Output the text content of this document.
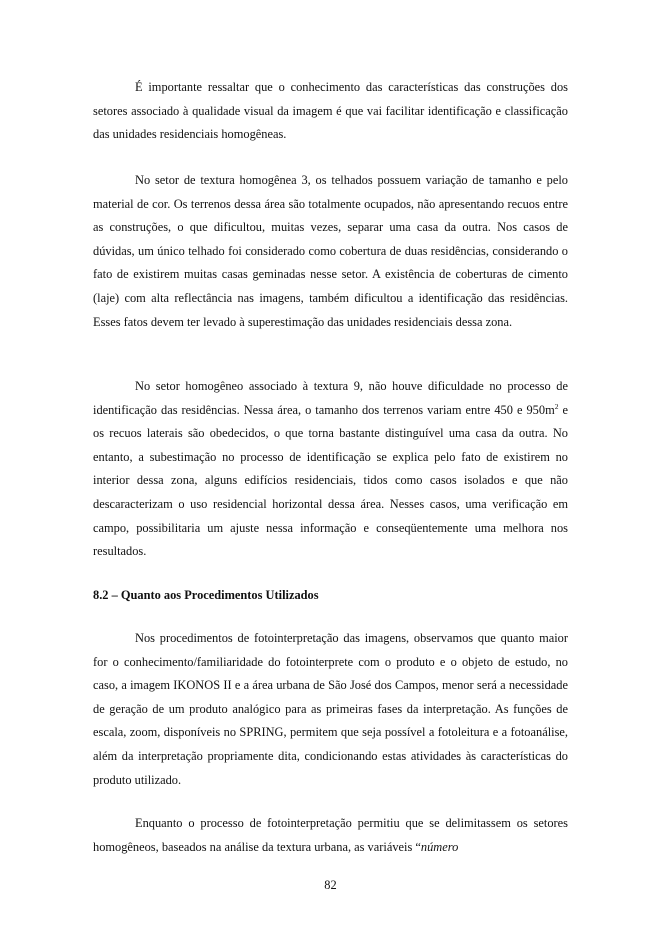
É importante ressaltar que o conhecimento das características das construções dos setores associado à qualidade visual da imagem é que vai facilitar identificação e classificação das unidades residenciais homogêneas.

No setor de textura homogênea 3, os telhados possuem variação de tamanho e pelo material de cor. Os terrenos dessa área são totalmente ocupados, não apresentando recuos entre as construções, o que dificultou, muitas vezes, separar uma casa da outra. Nos casos de dúvidas, um único telhado foi considerado como cobertura de duas residências, considerando o fato de existirem muitas casas geminadas nesse setor. A existência de coberturas de cimento (laje) com alta reflectância nas imagens, também dificultou a identificação das residências. Esses fatos devem ter levado à superestimação das unidades residenciais dessa zona.

No setor homogêneo associado à textura 9, não houve dificuldade no processo de identificação das residências. Nessa área, o tamanho dos terrenos variam entre 450 e $950m^2$ e os recuos laterais são obedecidos, o que torna bastante distinguível uma casa da outra. No entanto, a subestimação no processo de identificação se explica pelo fato de existirem no interior dessa zona, alguns edifícios residenciais, tidos como casos isolados e que não descaracterizam o uso residencial horizontal dessa área. Nesses casos, uma verificação em campo, possibilitaria um ajuste nessa informação e conseqüentemente uma melhora nos resultados.

8.2 – Quanto aos Procedimentos Utilizados

Nos procedimentos de fotointerpretação das imagens, observamos que quanto maior for o conhecimento/familiaridade do fotointerprete com o produto e o objeto de estudo, no caso, a imagem IKONOS II e a área urbana de São José dos Campos, menor será a necessidade de geração de um produto analógico para as primeiras fases da interpretação. As funções de escala, zoom, disponíveis no SPRING, permitem que seja possível a fotoleitura e a fotoanálise, além da interpretação propriamente dita, condicionando estas atividades às características do produto utilizado.

Enquanto o processo de fotointerpretação permitiu que se delimitassem os setores homogêneos, baseados na análise da textura urbana, as variáveis “número

82
